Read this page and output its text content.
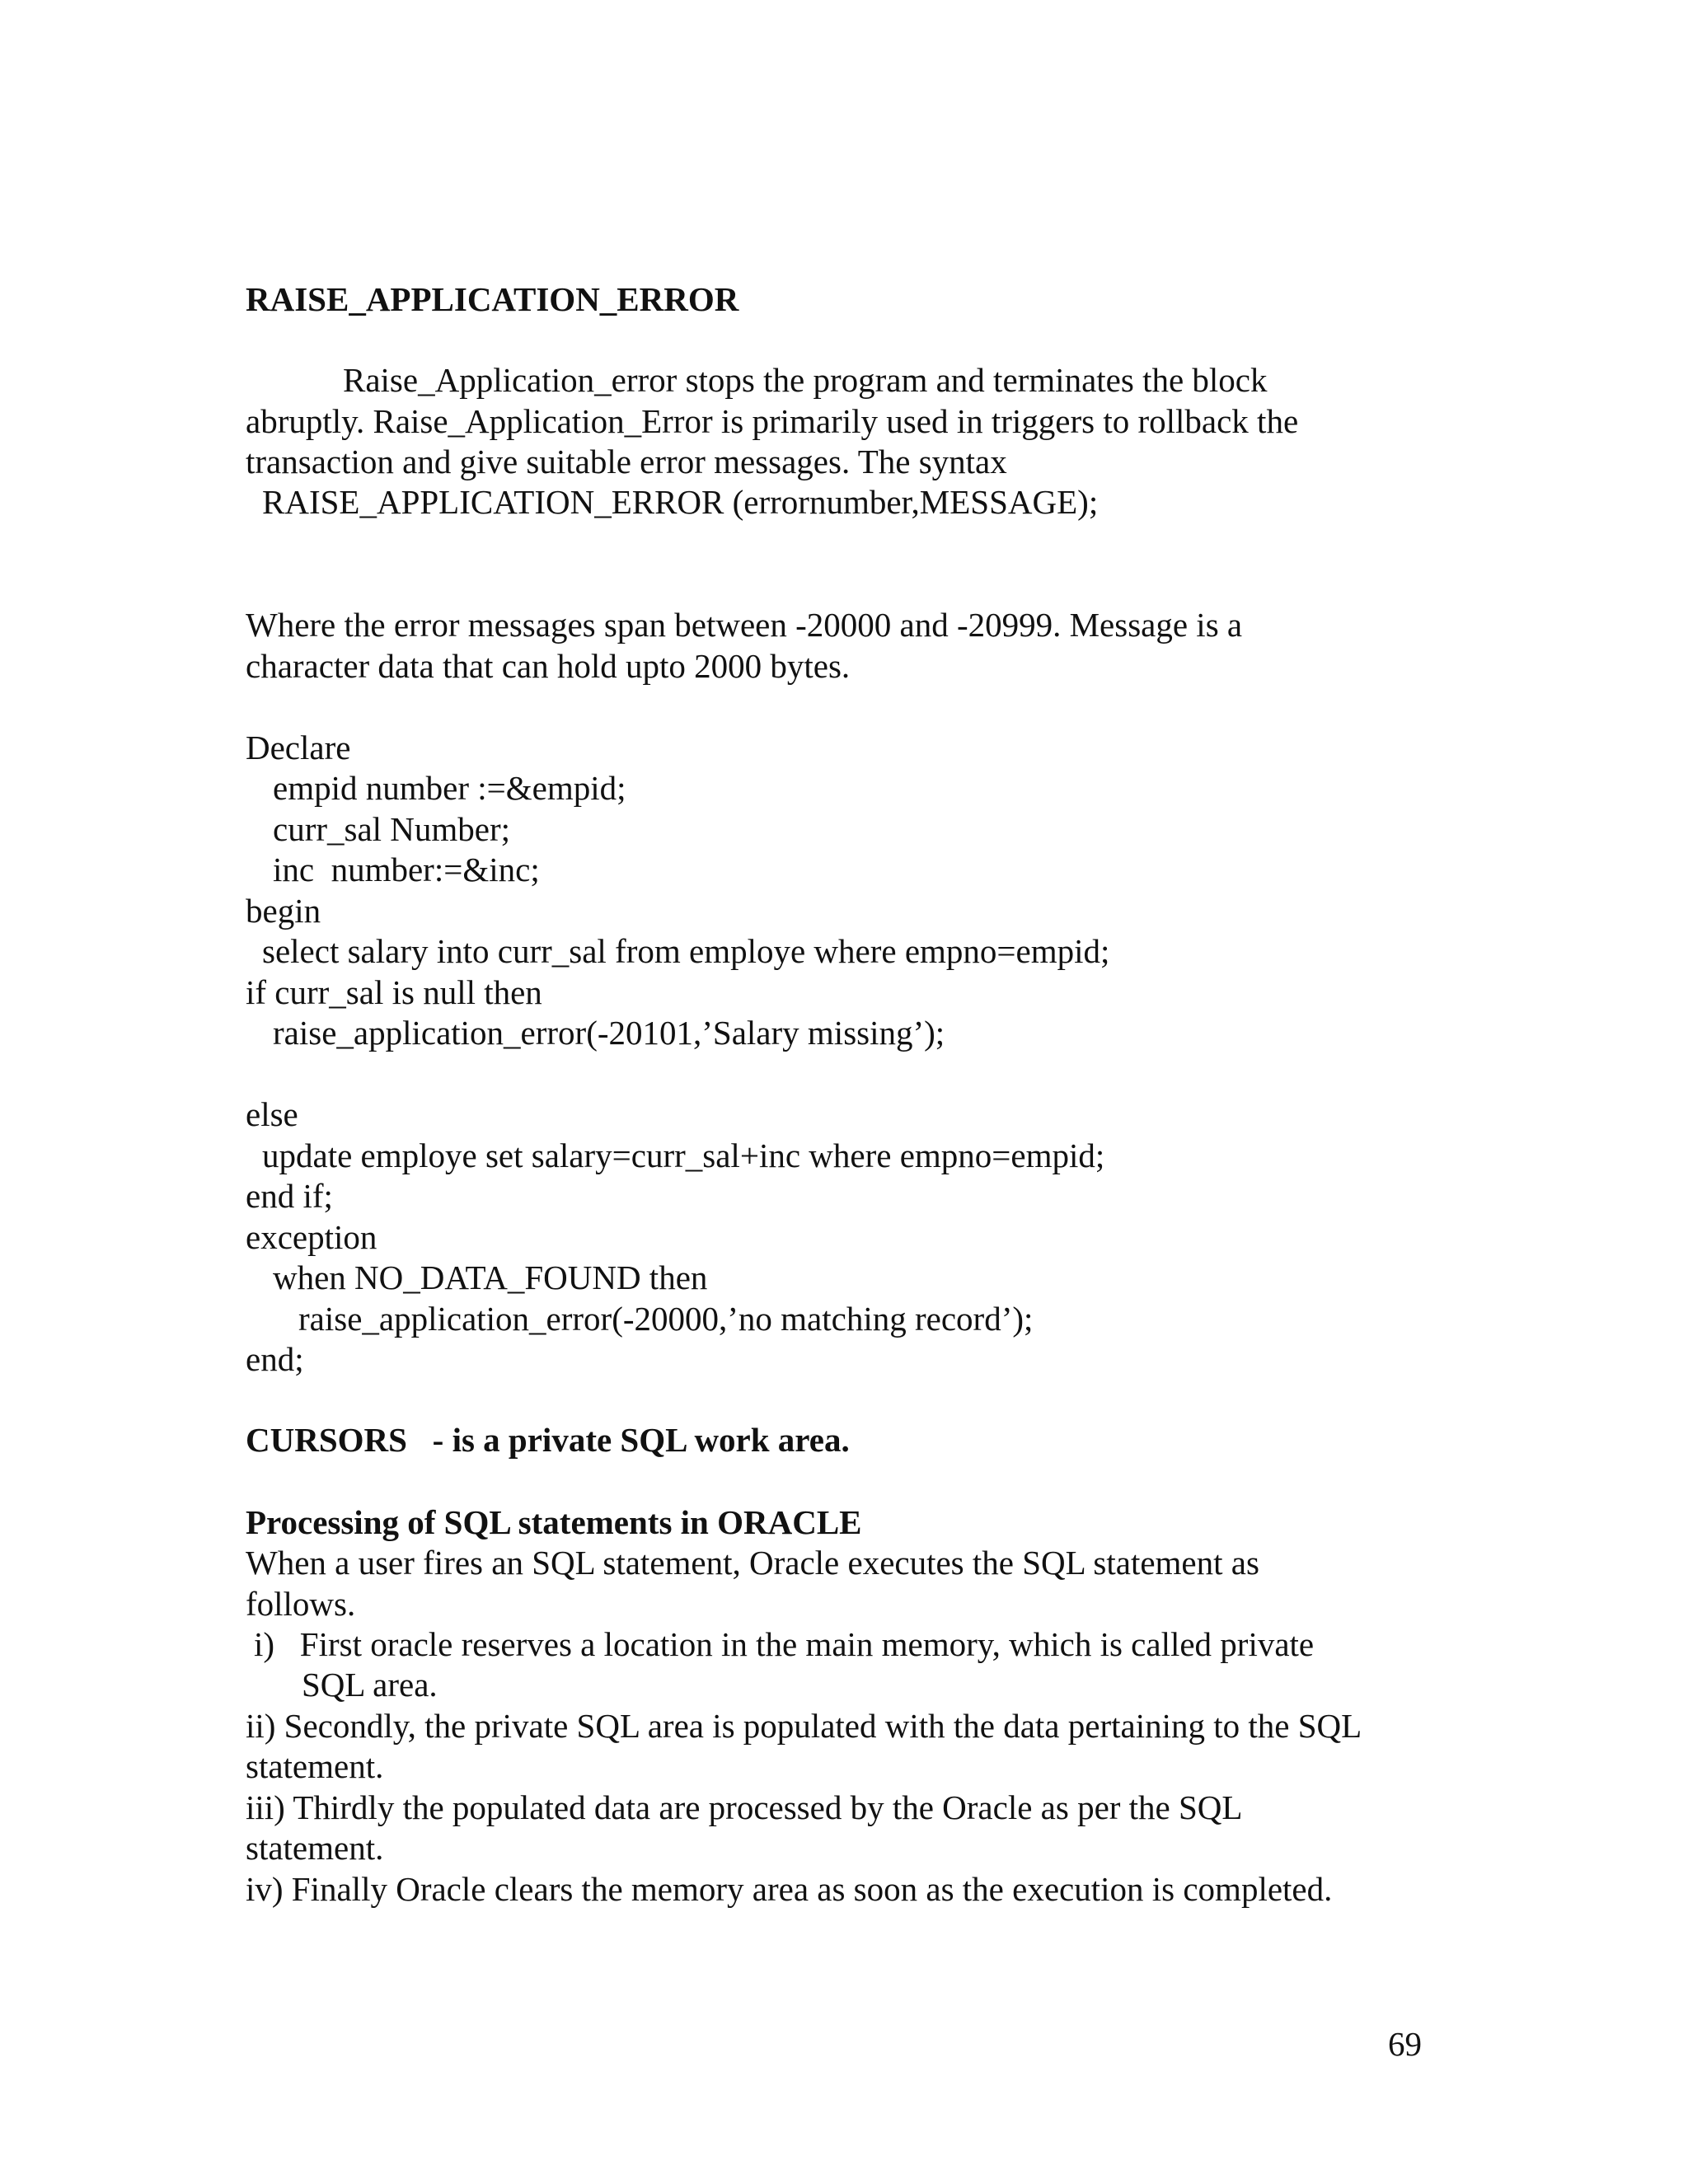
RAISE_APPLICATION_ERROR
Raise_Application_error stops the program and terminates the block
abruptly. Raise_Application_Error is primarily used in triggers to rollback the
transaction and give suitable error messages. The syntax
RAISE_APPLICATION_ERROR (errornumber,MESSAGE);
Where the error messages span between -20000 and -20999. Message is a
character data that can hold upto 2000 bytes.
Declare
empid number :=&empid;
curr_sal Number;
inc  number:=&inc;
begin
select salary into curr_sal from employe where empno=empid;
if curr_sal is null then
raise_application_error(-20101,’Salary missing’);
else
update employe set salary=curr_sal+inc where empno=empid;
end if;
exception
when NO_DATA_FOUND then
raise_application_error(-20000,’no matching record’);
end;
CURSORS   - is a private SQL work area.
Processing of SQL statements in ORACLE
When a user fires an SQL statement, Oracle executes the SQL statement as
follows.
i)   First oracle reserves a location in the main memory, which is called private
SQL area.
ii) Secondly, the private SQL area is populated with the data pertaining to the SQL
statement.
iii) Thirdly the populated data are processed by the Oracle as per the SQL
statement.
iv) Finally Oracle clears the memory area as soon as the execution is completed.
69
